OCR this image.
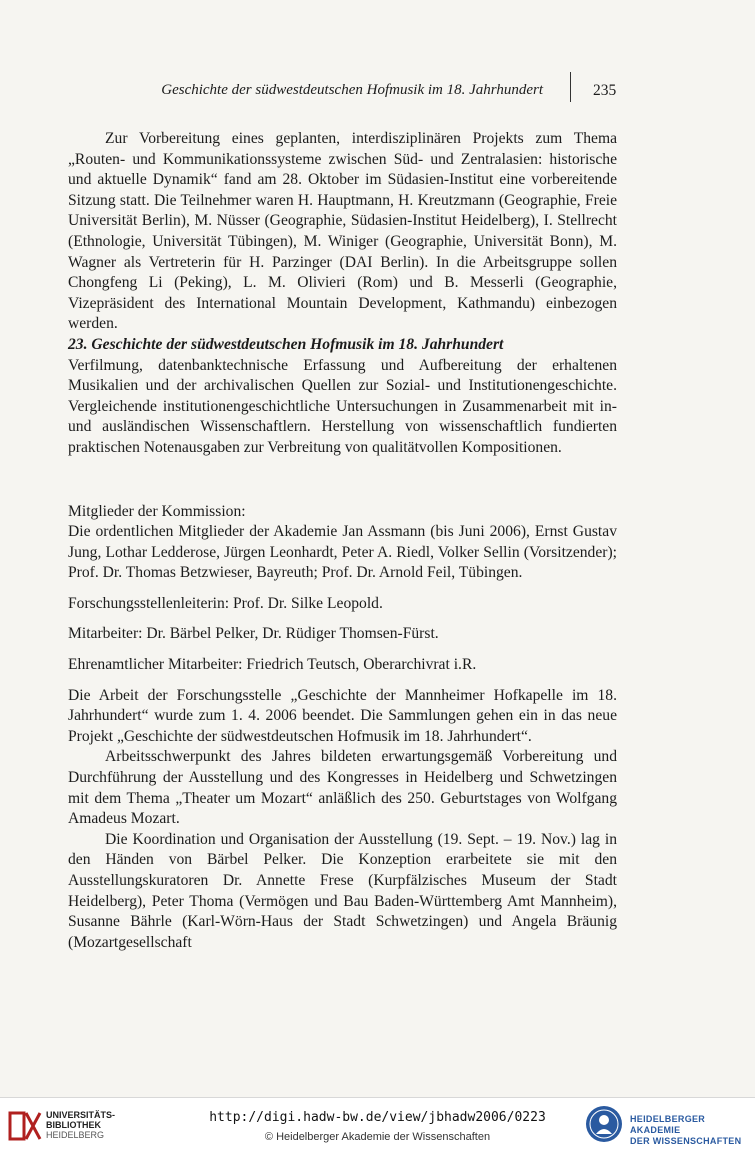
Geschichte der südwestdeutschen Hofmusik im 18. Jahrhundert	235

Zur Vorbereitung eines geplanten, interdisziplinären Projekts zum Thema „Routen- und Kommunikationssysteme zwischen Süd- und Zentralasien: historische und aktuelle Dynamik“ fand am 28. Oktober im Südasien-Institut eine vorbereitende Sitzung statt. Die Teilnehmer waren H. Hauptmann, H. Kreutzmann (Geographie, Freie Universität Berlin), M. Nüsser (Geographie, Südasien-Institut Heidelberg), I. Stellrecht (Ethnologie, Universität Tübingen), M. Winiger (Geographie, Universität Bonn), M. Wagner als Vertreterin für H. Parzinger (DAI Berlin). In die Arbeitsgruppe sollen Chongfeng Li (Peking), L. M. Olivieri (Rom) und B. Messerli (Geographie, Vizepräsident des International Mountain Development, Kathmandu) einbezogen werden.

23. Geschichte der südwestdeutschen Hofmusik im 18. Jahrhundert

Verfilmung, datenbanktechnische Erfassung und Aufbereitung der erhaltenen Musikalien und der archivalischen Quellen zur Sozial- und Institutionengeschichte. Vergleichende institutionengeschichtliche Untersuchungen in Zusammenarbeit mit in- und ausländischen Wissenschaftlern. Herstellung von wissenschaftlich fundierten praktischen Notenausgaben zur Verbreitung von qualitätvollen Kompositionen.

Mitglieder der Kommission:

Die ordentlichen Mitglieder der Akademie Jan Assmann (bis Juni 2006), Ernst Gustav Jung, Lothar Ledderose, Jürgen Leonhardt, Peter A. Riedl, Volker Sellin (Vorsitzender); Prof. Dr. Thomas Betzwieser, Bayreuth; Prof. Dr. Arnold Feil, Tübingen.

Forschungsstellenleiterin: Prof. Dr. Silke Leopold.

Mitarbeiter: Dr. Bärbel Pelker, Dr. Rüdiger Thomsen-Fürst.

Ehrenamtlicher Mitarbeiter: Friedrich Teutsch, Oberarchivrat i.R.

Die Arbeit der Forschungsstelle „Geschichte der Mannheimer Hofkapelle im 18. Jahrhundert“ wurde zum 1. 4. 2006 beendet. Die Sammlungen gehen ein in das neue Projekt „Geschichte der südwestdeutschen Hofmusik im 18. Jahrhundert“.

Arbeitsschwerpunkt des Jahres bildeten erwartungsgemäß Vorbereitung und Durchführung der Ausstellung und des Kongresses in Heidelberg und Schwetzingen mit dem Thema „Theater um Mozart“ anläßlich des 250. Geburtstages von Wolfgang Amadeus Mozart.

Die Koordination und Organisation der Ausstellung (19. Sept. – 19. Nov.) lag in den Händen von Bärbel Pelker. Die Konzeption erarbeitete sie mit den Ausstellungskuratoren Dr. Annette Frese (Kurpfälzisches Museum der Stadt Heidelberg), Peter Thoma (Vermögen und Bau Baden-Württemberg Amt Mannheim), Susanne Bährle (Karl-Wörn-Haus der Stadt Schwetzingen) und Angela Bräunig (Mozartgesellschaft

UNIVERSITÄTS-
BIBLIOTHEK
HEIDELBERG
http://digi.hadw-bw.de/view/jbhadw2006/0223
© Heidelberger Akademie der Wissenschaften
HEIDELBERGER AKADEMIE
DER WISSENSCHAFTEN
